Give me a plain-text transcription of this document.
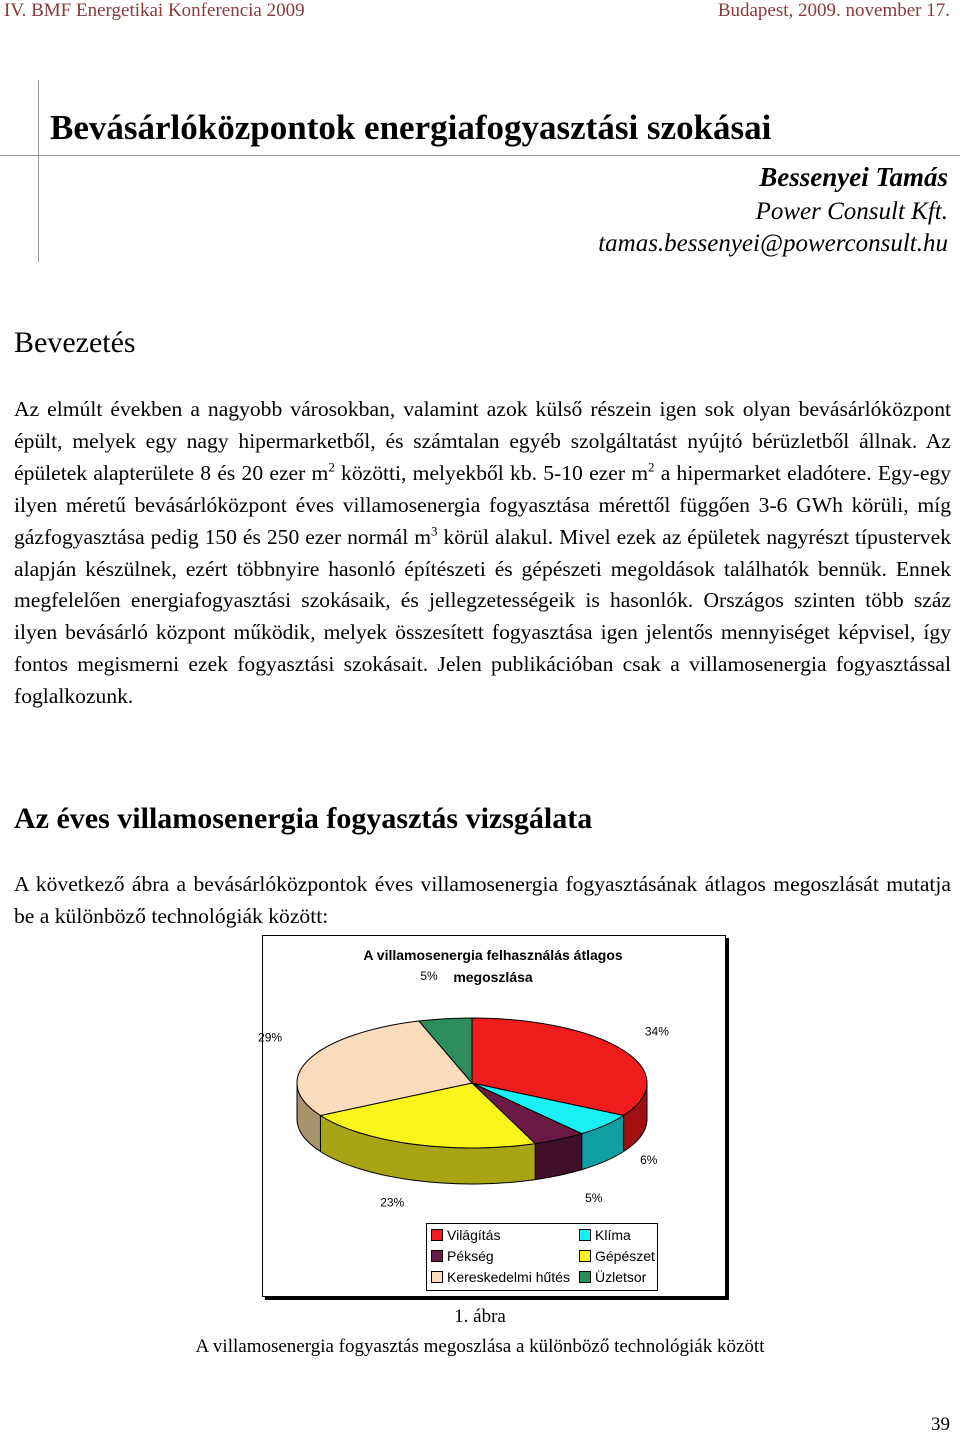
IV. BMF Energetikai Konferencia 2009	Budapest, 2009. november 17.
Bevásárlóközpontok energiafogyasztási szokásai
Bessenyei Tamás
Power Consult Kft.
tamas.bessenyei@powerconsult.hu
Bevezetés

Az elmúlt években a nagyobb városokban, valamint azok külső részein igen sok olyan bevásárlóközpont épült, melyek egy nagy hipermarketből, és számtalan egyéb szolgáltatást nyújtó bérüzletből állnak. Az épületek alapterülete 8 és 20 ezer $m^2$ közötti, melyekből kb. 5-10 ezer $m^2$ a hipermarket eladótere. Egy-egy ilyen méretű bevásárlóközpont éves villamosenergia fogyasztása mérettől függően 3-6 GWh körüli, míg gázfogyasztása pedig 150 és 250 ezer normál $m^3$ körül alakul. Mivel ezek az épületek nagyrészt típustervek alapján készülnek, ezért többnyire hasonló építészeti és gépészeti megoldások találhatók bennük. Ennek megfelelően energiafogyasztási szokásaik, és jellegzetességeik is hasonlók. Országos szinten több száz ilyen bevásárló központ működik, melyek összesített fogyasztása igen jelentős mennyiséget képvisel, így fontos megismerni ezek fogyasztási szokásait. Jelen publikációban csak a villamosenergia fogyasztással foglalkozunk.

Az éves villamosenergia fogyasztás vizsgálata

A következő ábra a bevásárlóközpontok éves villamosenergia fogyasztásának átlagos megoszlását mutatja be a különböző technológiák között:

A villamosenergia felhasználás átlagos
megoszlása
34%
6%
5%
23%
29%
5%
Világítás	Klíma
Pékség	Gépészet
Kereskedelmi hűtés	Üzletsor
1. ábra
A villamosenergia fogyasztás megoszlása a különböző technológiák között
39
